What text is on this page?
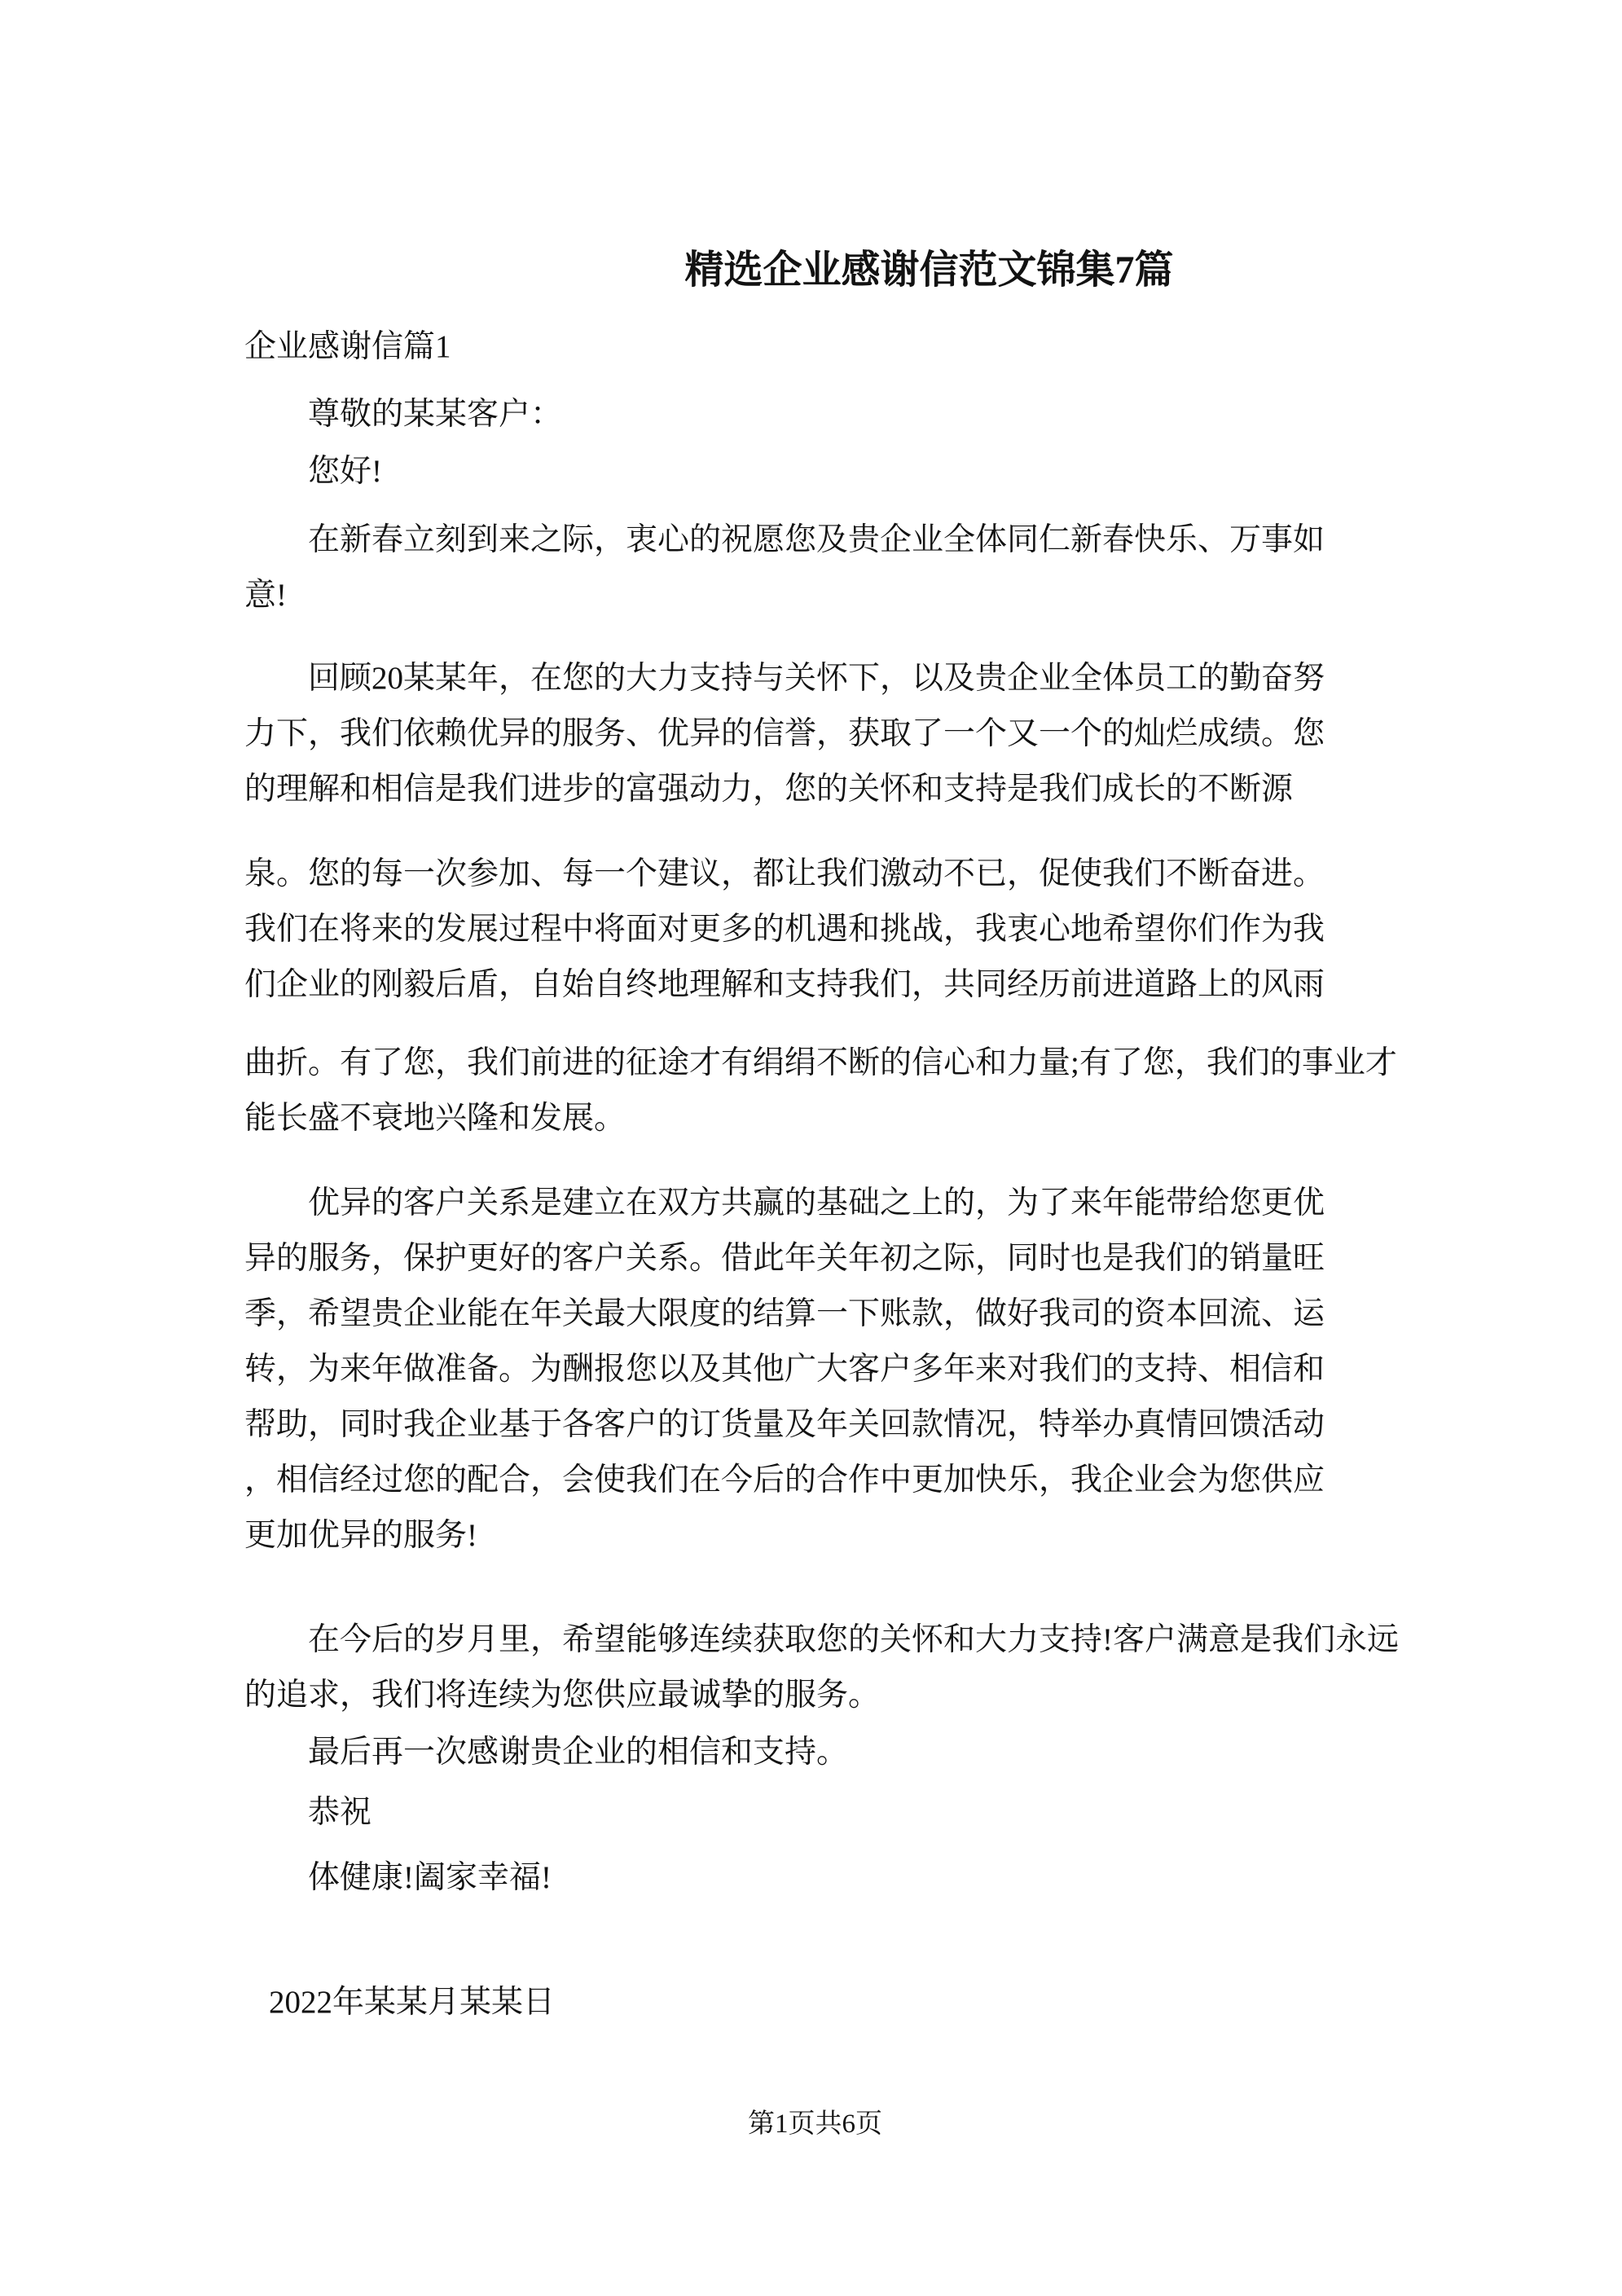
精选企业感谢信范文锦集7篇
企业感谢信篇1
尊敬的某某客户：
您好!
在新春立刻到来之际，衷心的祝愿您及贵企业全体同仁新春快乐、万事如
意!
回顾20某某年，在您的大力支持与关怀下，以及贵企业全体员工的勤奋努
力下，我们依赖优异的服务、优异的信誉，获取了一个又一个的灿烂成绩。您
的理解和相信是我们进步的富强动力，您的关怀和支持是我们成长的不断源
泉。您的每一次参加、每一个建议，都让我们激动不已，促使我们不断奋进。
我们在将来的发展过程中将面对更多的机遇和挑战，我衷心地希望你们作为我
们企业的刚毅后盾，自始自终地理解和支持我们，共同经历前进道路上的风雨
曲折。有了您，我们前进的征途才有绢绢不断的信心和力量;有了您，我们的事业才
能长盛不衰地兴隆和发展。
优异的客户关系是建立在双方共赢的基础之上的，为了来年能带给您更优
异的服务，保护更好的客户关系。借此年关年初之际，同时也是我们的销量旺
季，希望贵企业能在年关最大限度的结算一下账款，做好我司的资本回流、运
转，为来年做准备。为酬报您以及其他广大客户多年来对我们的支持、相信和
帮助，同时我企业基于各客户的订货量及年关回款情况，特举办真情回馈活动
，相信经过您的配合，会使我们在今后的合作中更加快乐，我企业会为您供应
更加优异的服务!
在今后的岁月里，希望能够连续获取您的关怀和大力支持!客户满意是我们永远
的追求，我们将连续为您供应最诚挚的服务。
最后再一次感谢贵企业的相信和支持。
恭祝
体健康!阖家幸福!
2022年某某月某某日
第1页共6页
